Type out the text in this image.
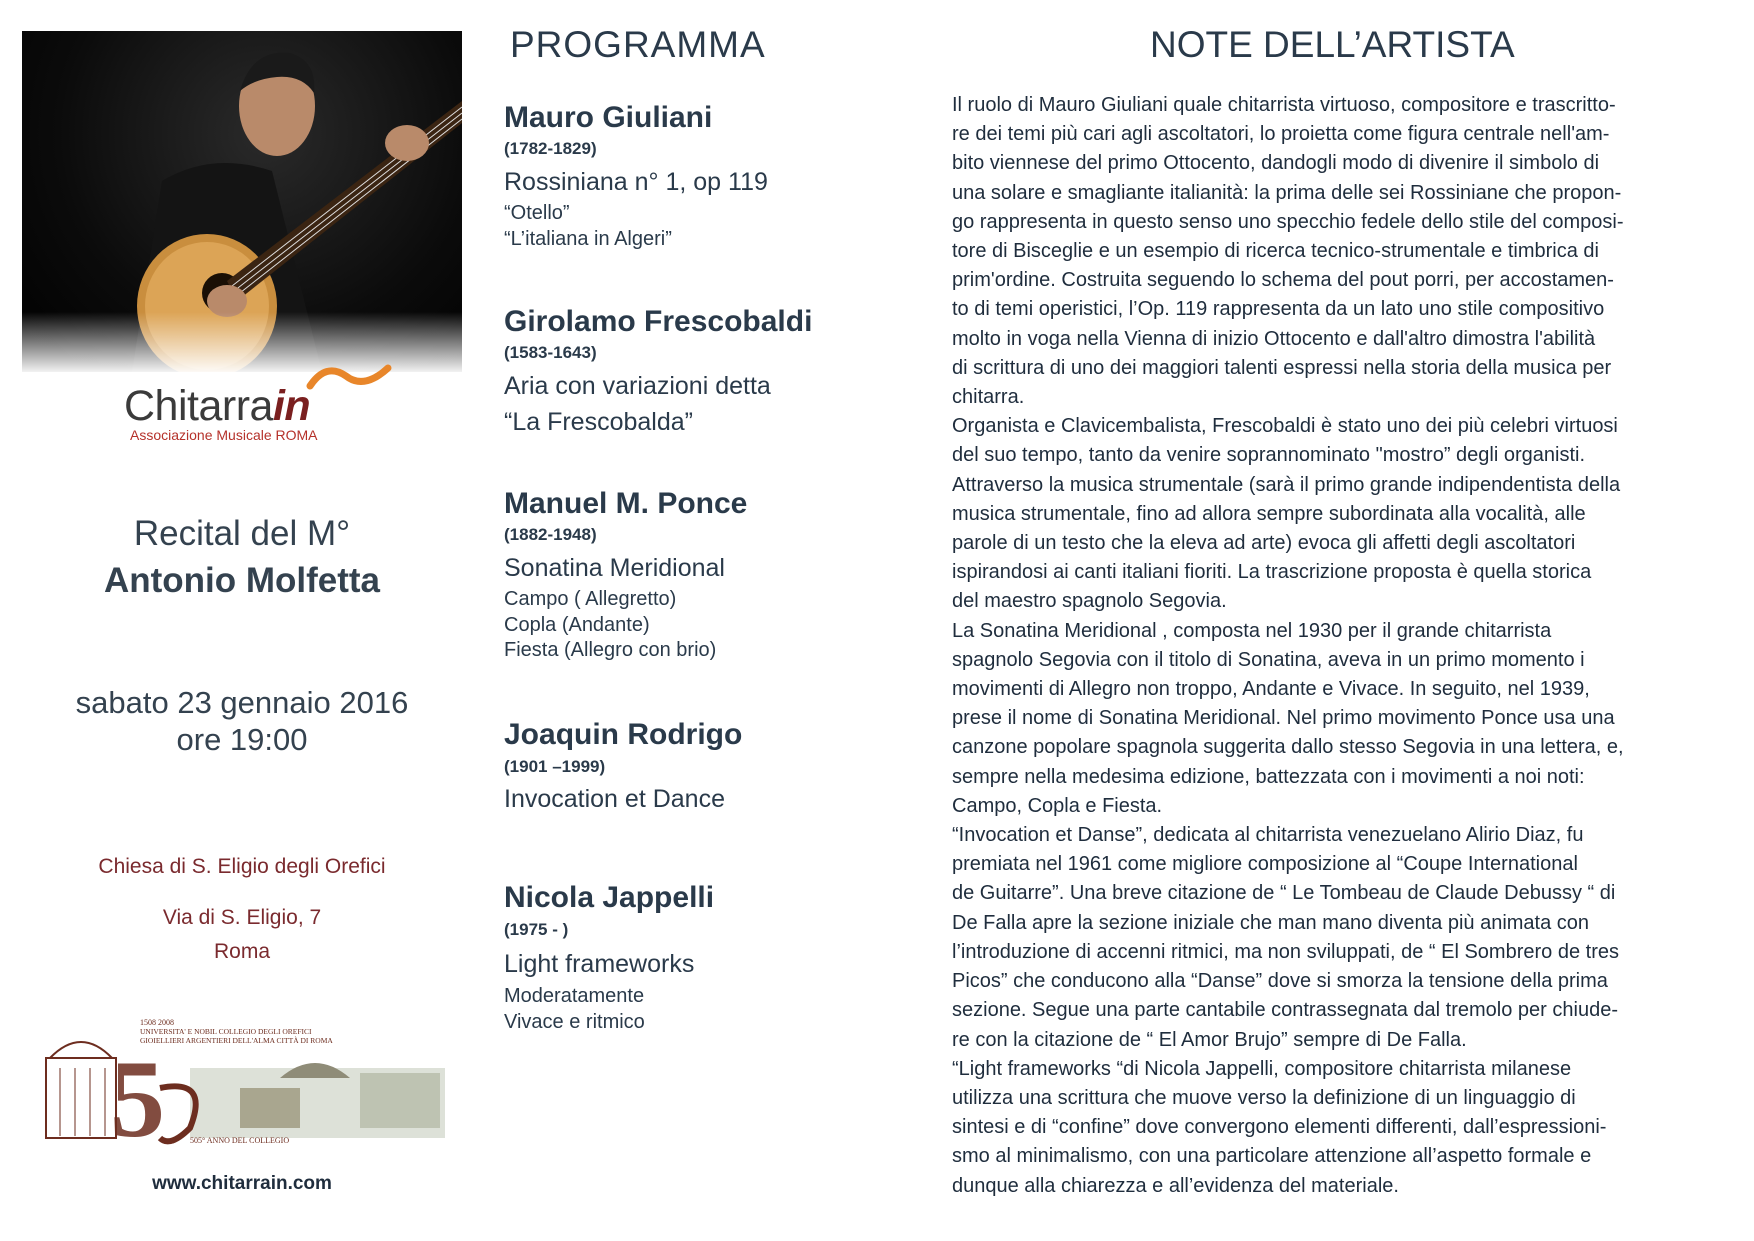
Chitarrain
Associazione Musicale ROMA
Recital del M°
Antonio Molfetta
sabato 23 gennaio 2016
ore 19:00
Chiesa di S. Eligio degli Orefici
Via di S. Eligio, 7
Roma
5
1508 2008
UNIVERSITA' E NOBIL COLLEGIO DEGLI OREFICI
GIOIELLIERI ARGENTIERI DELL'ALMA CITTÀ DI ROMA
505° ANNO DEL COLLEGIO
www.chitarrain.com
PROGRAMMA
Mauro Giuliani
(1782-1829)
Rossiniana n° 1, op 119
“Otello”
“L’italiana in Algeri”
Girolamo Frescobaldi
(1583-1643)
Aria con variazioni detta
“La Frescobalda”
Manuel M. Ponce
(1882-1948)
Sonatina Meridional
Campo ( Allegretto)
Copla (Andante)
Fiesta (Allegro con brio)
Joaquin Rodrigo
(1901 –1999)
Invocation et Dance
Nicola Jappelli
(1975 - )
Light frameworks
Moderatamente
Vivace e ritmico
NOTE DELL’ARTISTA

Il ruolo di Mauro Giuliani quale chitarrista virtuoso, compositore e trascritto-

re dei temi più cari agli ascoltatori, lo proietta come figura centrale nell'am-

bito viennese del primo Ottocento, dandogli modo di divenire il simbolo di

una solare e smagliante italianità: la prima delle sei Rossiniane che propon-

go rappresenta in questo senso uno specchio fedele dello stile del composi-

tore di Bisceglie e un esempio di ricerca tecnico-strumentale e timbrica di

prim'ordine. Costruita seguendo lo schema del pout porri, per accostamen-

to di temi operistici, l’Op. 119 rappresenta da un lato uno stile compositivo

molto in voga nella Vienna di inizio Ottocento e dall'altro dimostra l'abilità

di scrittura di uno dei maggiori talenti espressi nella storia della musica per

chitarra.

Organista e Clavicembalista, Frescobaldi è stato uno dei più celebri virtuosi

del suo tempo, tanto da venire soprannominato "mostro” degli organisti.

Attraverso la musica strumentale (sarà il primo grande indipendentista della

musica strumentale, fino ad allora sempre subordinata alla vocalità, alle

parole di un testo che la eleva ad arte) evoca gli affetti degli ascoltatori

ispirandosi ai canti italiani fioriti. La trascrizione proposta è quella storica

del maestro spagnolo Segovia.

La Sonatina Meridional , composta nel 1930 per il grande chitarrista

spagnolo Segovia con il titolo di Sonatina, aveva in un primo momento i

movimenti di Allegro non troppo, Andante e Vivace. In seguito, nel 1939,

prese il nome di Sonatina Meridional. Nel primo movimento Ponce usa una

canzone popolare spagnola suggerita dallo stesso Segovia in una lettera, e,

sempre nella medesima edizione, battezzata con i movimenti a noi noti:

Campo, Copla e Fiesta.

“Invocation et Danse”, dedicata al chitarrista venezuelano Alirio Diaz, fu

premiata nel 1961 come migliore composizione al “Coupe International

de Guitarre”. Una breve citazione de “ Le Tombeau de Claude Debussy “ di

De Falla apre la sezione iniziale che man mano diventa più animata con

l’introduzione di accenni ritmici, ma non sviluppati, de “ El Sombrero de tres

Picos” che conducono alla “Danse” dove si smorza la tensione della prima

sezione. Segue una parte cantabile contrassegnata dal tremolo per chiude-

re con la citazione de “ El Amor Brujo” sempre di De Falla.

“Light frameworks “di Nicola Jappelli, compositore chitarrista milanese

utilizza una scrittura che muove verso la definizione di un linguaggio di

sintesi e di “confine” dove convergono elementi differenti, dall’espressioni-

smo al minimalismo, con una particolare attenzione all’aspetto formale e

dunque alla chiarezza e all’evidenza del materiale.
